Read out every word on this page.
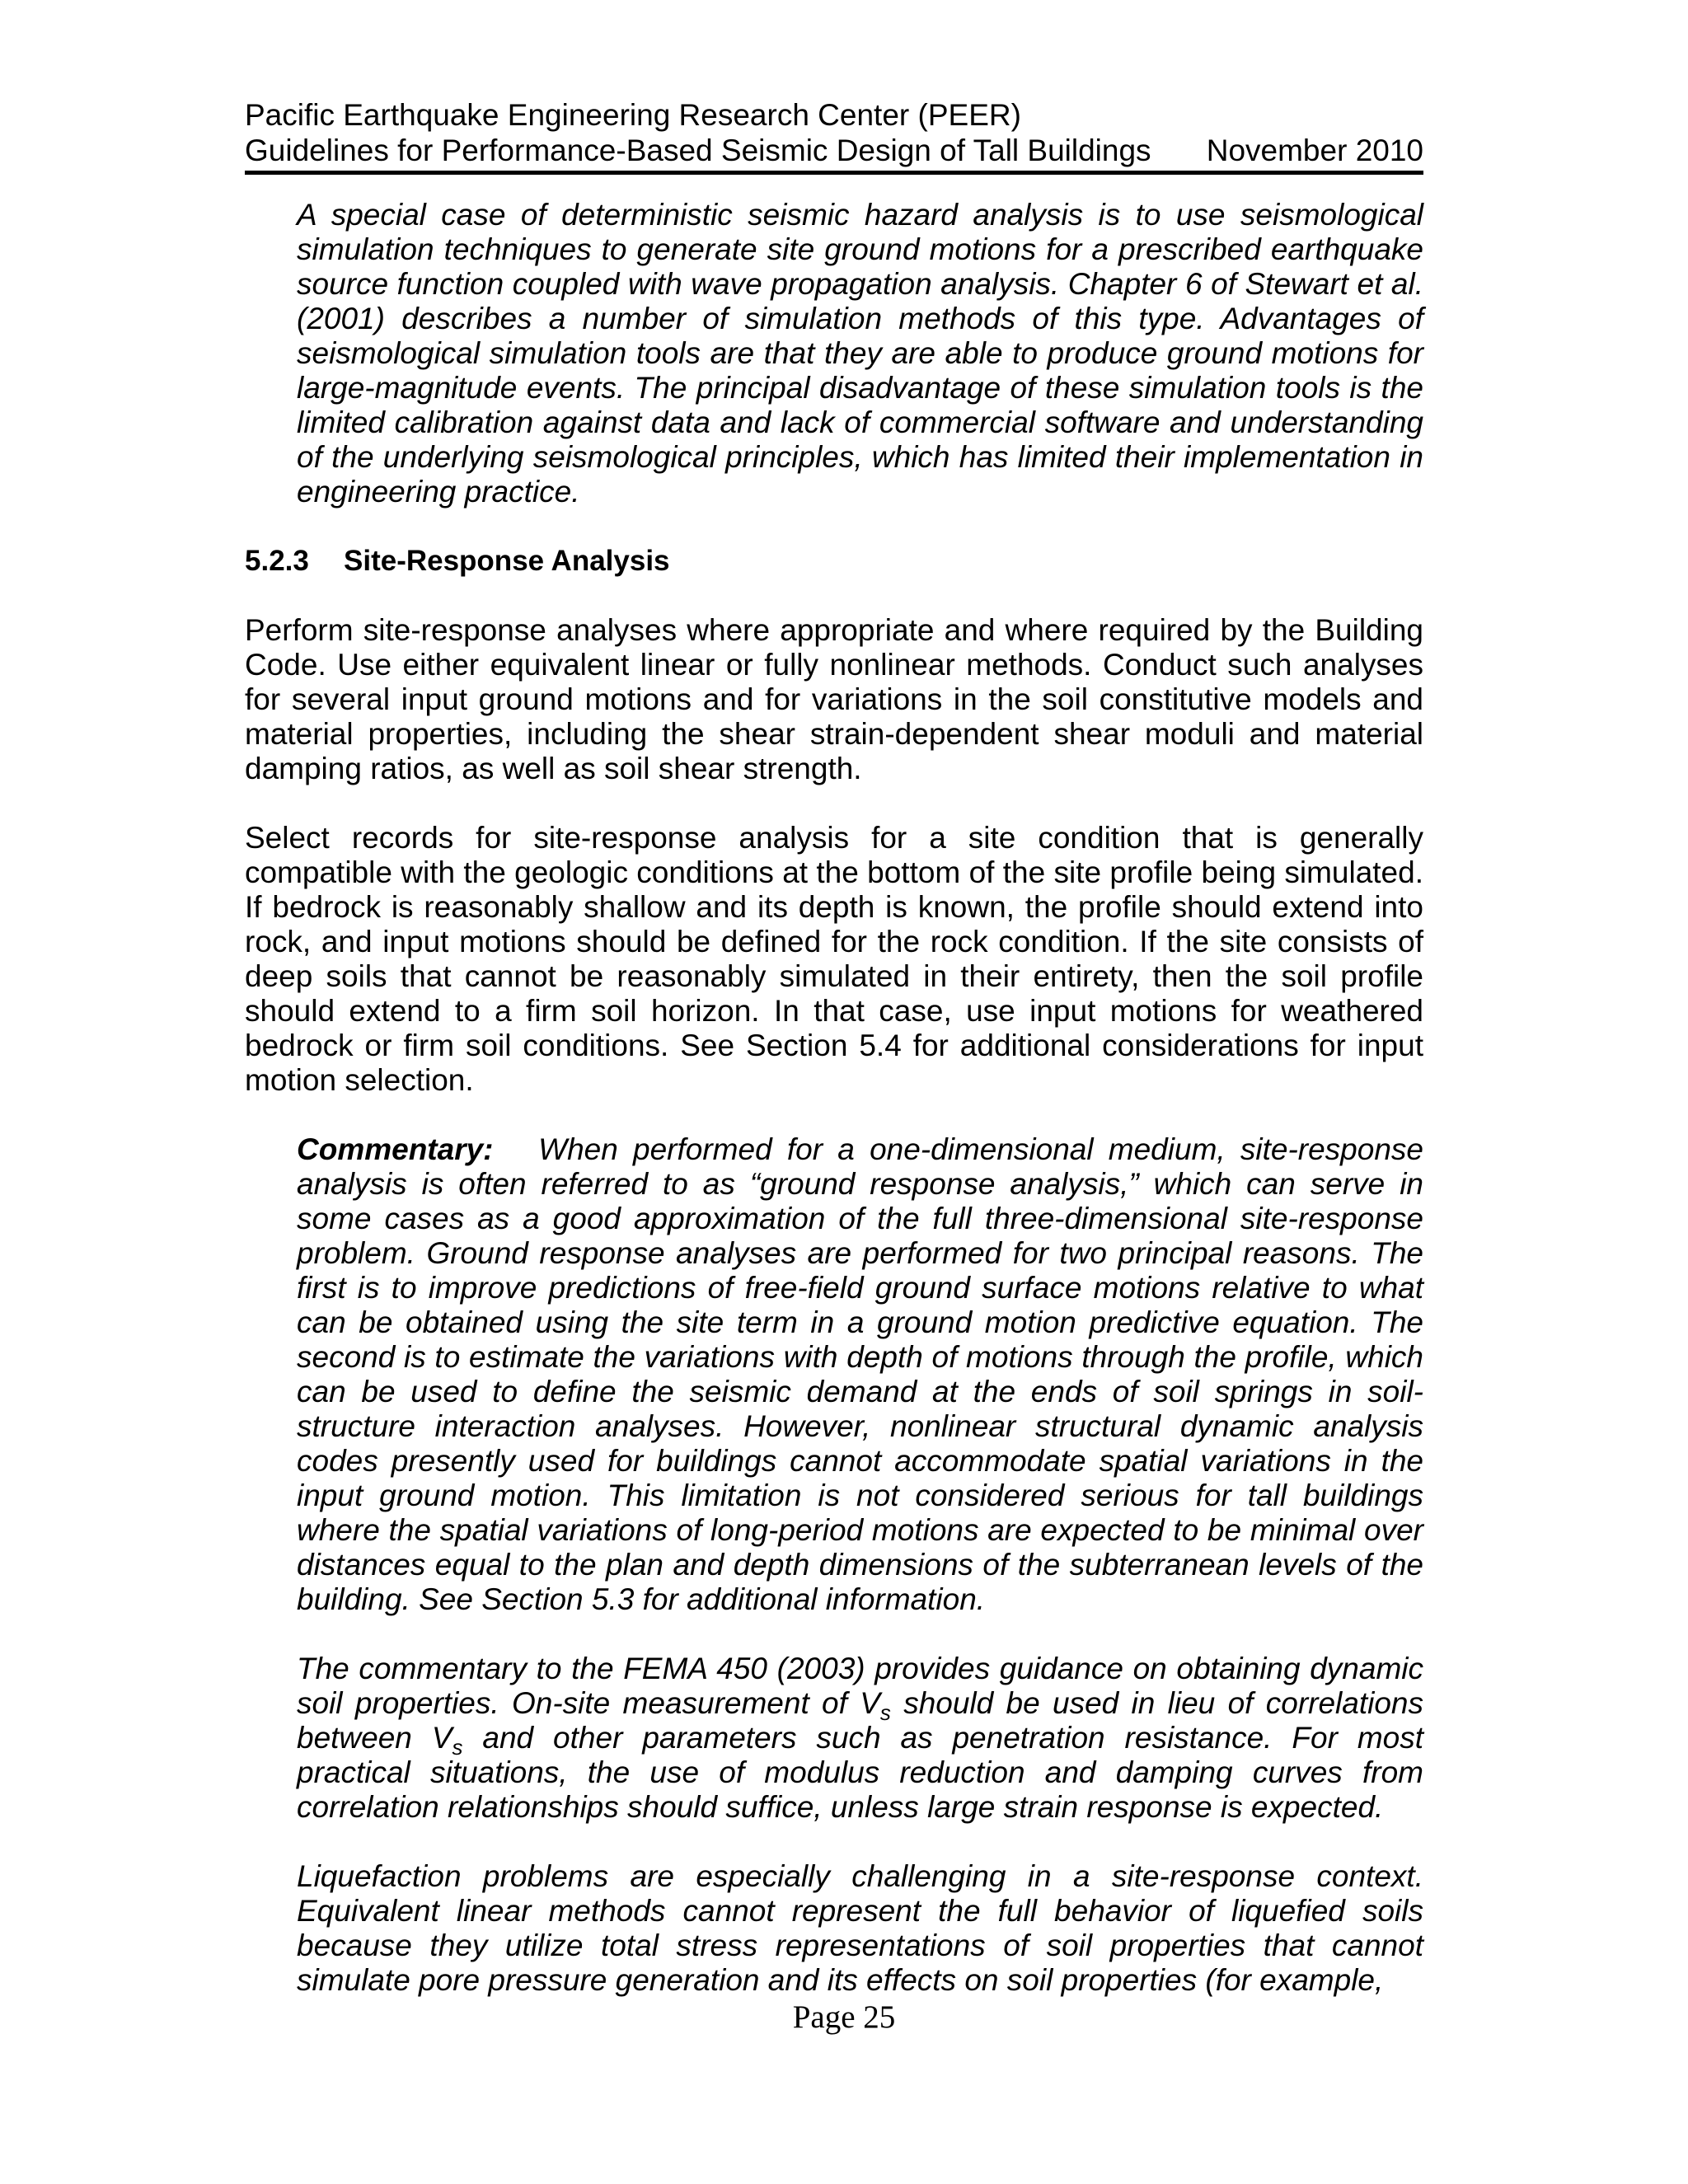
Pacific Earthquake Engineering Research Center (PEER)
Guidelines for Performance-Based Seismic Design of Tall Buildings November 2010

A special case of deterministic seismic hazard analysis is to use seismological simulation techniques to generate site ground motions for a prescribed earthquake source function coupled with wave propagation analysis. Chapter 6 of Stewart et al. (2001) describes a number of simulation methods of this type. Advantages of seismological simulation tools are that they are able to produce ground motions for large-magnitude events. The principal disadvantage of these simulation tools is the limited calibration against data and lack of commercial software and understanding of the underlying seismological principles, which has limited their implementation in engineering practice.

5.2.3	Site-Response Analysis

Perform site-response analyses where appropriate and where required by the Building Code. Use either equivalent linear or fully nonlinear methods. Conduct such analyses for several input ground motions and for variations in the soil constitutive models and material properties, including the shear strain-dependent shear moduli and material damping ratios, as well as soil shear strength.

Select records for site-response analysis for a site condition that is generally compatible with the geologic conditions at the bottom of the site profile being simulated. If bedrock is reasonably shallow and its depth is known, the profile should extend into rock, and input motions should be defined for the rock condition. If the site consists of deep soils that cannot be reasonably simulated in their entirety, then the soil profile should extend to a firm soil horizon. In that case, use input motions for weathered bedrock or firm soil conditions. See Section 5.4 for additional considerations for input motion selection.

Commentary: When performed for a one-dimensional medium, site-response analysis is often referred to as “ground response analysis,” which can serve in some cases as a good approximation of the full three-dimensional site-response problem. Ground response analyses are performed for two principal reasons. The first is to improve predictions of free-field ground surface motions relative to what can be obtained using the site term in a ground motion predictive equation. The second is to estimate the variations with depth of motions through the profile, which can be used to define the seismic demand at the ends of soil springs in soil-structure interaction analyses. However, nonlinear structural dynamic analysis codes presently used for buildings cannot accommodate spatial variations in the input ground motion. This limitation is not considered serious for tall buildings where the spatial variations of long-period motions are expected to be minimal over distances equal to the plan and depth dimensions of the subterranean levels of the building. See Section 5.3 for additional information.

The commentary to the FEMA 450 (2003) provides guidance on obtaining dynamic soil properties. On-site measurement of $V_s$ should be used in lieu of correlations between $V_s$ and other parameters such as penetration resistance. For most practical situations, the use of modulus reduction and damping curves from correlation relationships should suffice, unless large strain response is expected.

Liquefaction problems are especially challenging in a site-response context. Equivalent linear methods cannot represent the full behavior of liquefied soils because they utilize total stress representations of soil properties that cannot simulate pore pressure generation and its effects on soil properties (for example,

Page 25
